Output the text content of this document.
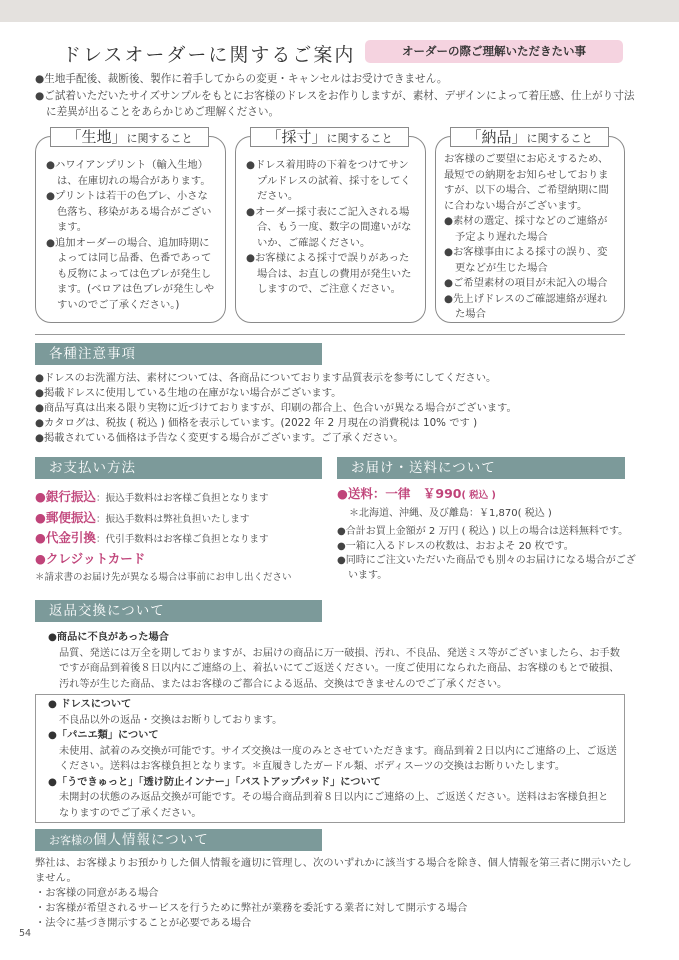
ドレスオーダーに関するご案内	オーダーの際ご理解いただきたい事

●生地手配後、裁断後、製作に着手してからの変更・キャンセルはお受けできません。

●ご試着いただいたサイズサンプルをもとにお客様のドレスをお作りしますが、素材、デザインによって着圧感、仕上がり寸法に差異が出ることをあらかじめご理解ください。

「生地」に関すること

●ハワイアンプリント（輸入生地）は、在庫切れの場合があります。

●プリントは若干の色ブレ、小さな色落ち、移染がある場合がございます。

●追加オーダーの場合、追加時期によっては同じ品番、色番であっても反物によっては色ブレが発生します。(ベロアは色ブレが発生しやすいのでご了承ください。)

「採寸」に関すること

●ドレス着用時の下着をつけてサンプルドレスの試着、採寸をしてください。

●オーダー採寸表にご記入される場合、もう一度、数字の間違いがないか、ご確認ください。

●お客様による採寸で誤りがあった場合は、お直しの費用が発生いたしますので、ご注意ください。

「納品」に関すること

お客様のご要望にお応えするため、最短での納期をお知らせしておりますが、以下の場合、ご希望納期に間に合わない場合がございます。

●素材の選定、採寸などのご連絡が予定より遅れた場合

●お客様事由による採寸の誤り、変更などが生じた場合

●ご希望素材の項目が未記入の場合

●先上げドレスのご確認連絡が遅れた場合

各種注意事項

●ドレスのお洗濯方法、素材については、各商品についております品質表示を参考にしてください。

●掲載ドレスに使用している生地の在庫がない場合がございます。

●商品写真は出来る限り実物に近づけておりますが、印刷の都合上、色合いが異なる場合がございます。

●カタログは、税抜 ( 税込 ) 価格を表示しています。(2022 年 2 月現在の消費税は 10% です )

●掲載されている価格は予告なく変更する場合がございます。ご了承ください。

お支払い方法
●銀行振込：振込手数料はお客様ご負担となります
●郵便振込：振込手数料は弊社負担いたします
●代金引換：代引手数料はお客様ご負担となります
●クレジットカード
＊請求書のお届け先が異なる場合は事前にお申し出ください
お届け・送料について

●送料：一律　￥990( 税込 )

＊北海道、沖縄、及び離島：￥1,870( 税込 )

●合計お買上金額が 2 万円 ( 税込 ) 以上の場合は送料無料です。

●一箱に入るドレスの枚数は、おおよそ 20 枚です。

●同時にご注文いただいた商品でも別々のお届けになる場合がございます。

返品交換について

●商品に不良があった場合

品質、発送には万全を期しておりますが、お届けの商品に万一破損、汚れ、不良品、発送ミス等がございましたら、お手数ですが商品到着後８日以内にご連絡の上、着払いにてご返送ください。一度ご使用になられた商品、お客様のもとで破損、汚れ等が生じた商品、またはお客様のご都合による返品、交換はできませんのでご了承ください。

● ドレスについて

不良品以外の返品・交換はお断りしております。

●「パニエ類」について

未使用、試着のみ交換が可能です。サイズ交換は一度のみとさせていただきます。商品到着２日以内にご連絡の上、ご返送ください。送料はお客様負担となります。＊直履きしたガードル類、ボディスーツの交換はお断りいたします。

●「うできゅっと」「透け防止インナー」「バストアップパッド」について

未開封の状態のみ返品交換が可能です。その場合商品到着８日以内にご連絡の上、ご返送ください。送料はお客様負担となりますのでご了承ください。

お客様の個人情報について

弊社は、お客様よりお預かりした個人情報を適切に管理し、次のいずれかに該当する場合を除き、個人情報を第三者に開示いたしません。

・お客様の同意がある場合

・お客様が希望されるサービスを行うために弊社が業務を委託する業者に対して開示する場合

・法令に基づき開示することが必要である場合

54
